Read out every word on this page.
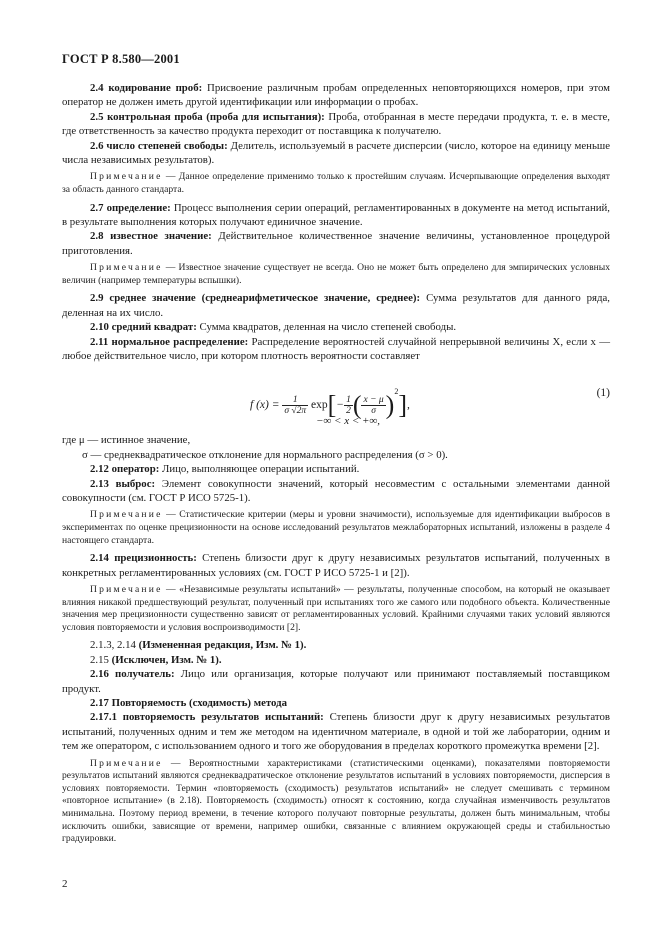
ГОСТ Р 8.580—2001

2.4 кодирование проб: Присвоение различным пробам определенных неповторяющихся номеров, при этом оператор не должен иметь другой идентификации или информации о пробах.

2.5 контрольная проба (проба для испытания): Проба, отобранная в месте передачи продукта, т. е. в месте, где ответственность за качество продукта переходит от поставщика к получателю.

2.6 число степеней свободы: Делитель, используемый в расчете дисперсии (число, которое на единицу меньше числа независимых результатов).

Примечание — Данное определение применимо только к простейшим случаям. Исчерпывающие определения выходят за область данного стандарта.

2.7 определение: Процесс выполнения серии операций, регламентированных в документе на метод испытаний, в результате выполнения которых получают единичное значение.

2.8 известное значение: Действительное количественное значение величины, установленное процедурой приготовления.

Примечание — Известное значение существует не всегда. Оно не может быть определено для эмпирических условных величин (например температуры вспышки).

2.9 среднее значение (среднеарифметическое значение, среднее): Сумма результатов для данного ряда, деленная на их число.

2.10 средний квадрат: Сумма квадратов, деленная на число степеней свободы.

2.11 нормальное распределение: Распределение вероятностей случайной непрерывной величины X, если x — любое действительное число, при котором плотность вероятности составляет

f $(x) = \frac{1}{\sigma √2\pi} \exp[- \frac{1}{2}$ ( $\frac{x - \mu}{\sigma} )^2$],
(1)
−∞ < x < +∞,
где μ — истинное значение,
σ — среднеквадратическое отклонение для нормального распределения (σ > 0).

2.12 оператор: Лицо, выполняющее операции испытаний.

2.13 выброс: Элемент совокупности значений, который несовместим с остальными элементами данной совокупности (см. ГОСТ Р ИСО 5725-1).

Примечание — Статистические критерии (меры и уровни значимости), используемые для идентификации выбросов в экспериментах по оценке прецизионности на основе исследований результатов межлабораторных испытаний, изложены в разделе 4 настоящего стандарта.

2.14 прецизионность: Степень близости друг к другу независимых результатов испытаний, полученных в конкретных регламентированных условиях (см. ГОСТ Р ИСО 5725-1 и [2]).

Примечание — «Независимые результаты испытаний» — результаты, полученные способом, на который не оказывает влияния никакой предшествующий результат, полученный при испытаниях того же самого или подобного объекта. Количественные значения мер прецизионности существенно зависят от регламентированных условий. Крайними случаями таких условий являются условия повторяемости и условия воспроизводимости [2].

2.1.3, 2.14 (Измененная редакция, Изм. № 1).

2.15 (Исключен, Изм. № 1).

2.16 получатель: Лицо или организация, которые получают или принимают поставляемый поставщиком продукт.

2.17 Повторяемость (сходимость) метода

2.17.1 повторяемость результатов испытаний: Степень близости друг к другу независимых результатов испытаний, полученных одним и тем же методом на идентичном материале, в одной и той же лаборатории, одним и тем же оператором, с использованием одного и того же оборудования в пределах короткого промежутка времени [2].

Примечание — Вероятностными характеристиками (статистическими оценками), показателями повторяемости результатов испытаний являются среднеквадратическое отклонение результатов испытаний в условиях повторяемости, дисперсия в условиях повторяемости. Термин «повторяемость (сходимость) результатов испытаний» не следует смешивать с термином «повторное испытание» (в 2.18). Повторяемость (сходимость) относят к состоянию, когда случайная изменчивость результатов минимальна. Поэтому период времени, в течение которого получают повторные результаты, должен быть минимальным, чтобы исключить ошибки, зависящие от времени, например ошибки, связанные с влиянием окружающей среды и стабильностью градуировки.

2
